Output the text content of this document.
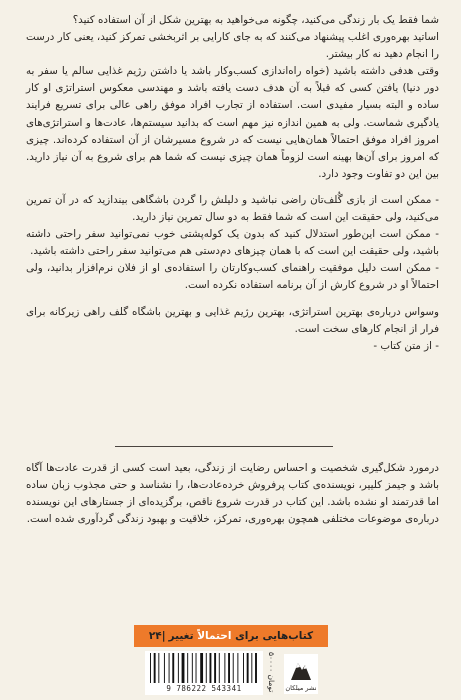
شما فقط یک بار زندگی می‌کنید، چگونه می‌خواهید به بهترین شکل از آن استفاده کنید؟

اساتید بهره‌وری اغلب پیشنهاد می‌کنند که به جای کارایی بر اثربخشی تمرکز کنید، یعنی کار درست را انجام دهید نه کار بیشتر.

وقتی هدفی داشته باشید (خواه راه‌اندازی کسب‌وکار باشد یا داشتن رژیم غذایی سالم یا سفر به دور دنیا) یافتن کسی که قبلاً به آن هدف دست یافته باشد و مهندسی معکوس استراتژی او کار ساده و البته بسیار مفیدی است. استفاده از تجارب افراد موفق راهی عالی برای تسریع فرایند یادگیری شماست. ولی به همین اندازه نیز مهم است که بدانید سیستم‌ها، عادت‌ها و استراتژی‌های امروز افراد موفق احتمالاً همان‌هایی نیست که در شروع مسیرشان از آن استفاده کرده‌اند. چیزی که امروز برای آن‌ها بهینه است لزوماً همان چیزی نیست که شما هم برای شروع به آن نیاز دارید. بین این دو تفاوت وجود دارد.

- ممکن است از بازی گُلف‌تان راضی نباشید و دلیلش را گردن باشگاهی بیندازید که در آن تمرین می‌کنید، ولی حقیقت این است که شما فقط به دو سال تمرین نیاز دارید.

- ممکن است این‌طور استدلال کنید که بدون یک کوله‌پشتی خوب نمی‌توانید سفر راحتی داشته باشید، ولی حقیقت این است که با همان چیزهای دم‌دستی هم می‌توانید سفر راحتی داشته باشید.

- ممکن است دلیل موفقیت راهنمای کسب‌وکارتان را استفاده‌ی او از فلان نرم‌افزار بدانید، ولی احتمالاً او در شروع کارش از آن برنامه استفاده نکرده است.

وسواس درباره‌ی بهترین استراتژی، بهترین رژیم غذایی و بهترین باشگاه گلف راهی زیرکانه برای فرار از انجام کارهای سخت است.

- از متن کتاب -

درمورد شکل‌گیری شخصیت و احساس رضایت از زندگی، بعید است کسی از قدرت عادت‌ها آگاه باشد و جیمز کلییر، نویسنده‌ی کتاب پرفروش خرده‌عادت‌ها، را نشناسد و حتی مجذوب زبان ساده اما قدرتمند او نشده باشد. این کتاب در قدرت شروع ناقص، برگزیده‌ای از جستارهای این نویسنده درباره‌ی موضوعات مختلفی همچون بهره‌وری، تمرکز، خلاقیت و بهبود زندگی گردآوری شده است.
کتاب‌هایی برای

احتمالاً

تغییر
|۲۴
9 786222 543341
۵۰۰۰۰ تومان نشر میلکان
